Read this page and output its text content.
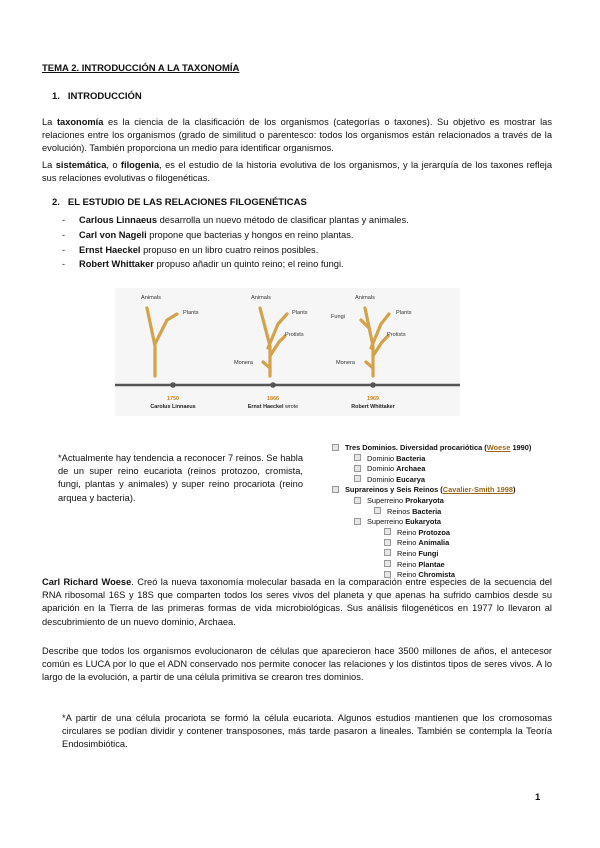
TEMA 2. INTRODUCCIÓN A LA TAXONOMÍA
1. INTRODUCCIÓN
La taxonomía es la ciencia de la clasificación de los organismos (categorías o taxones). Su objetivo es mostrar las relaciones entre los organismos (grado de similitud o parentesco: todos los organismos están relacionados a través de la evolución). También proporciona un medio para identificar organismos.
La sistemática, o filogenia, es el estudio de la historia evolutiva de los organismos, y la jerarquía de los taxones refleja sus relaciones evolutivas o filogenéticas.
2. EL ESTUDIO DE LAS RELACIONES FILOGENÉTICAS
- Carlous Linnaeus desarrolla un nuevo método de clasificar plantas y animales.
- Carl von Nageli propone que bacterias y hongos en reino plantas.
- Ernst Haeckel propuso en un libro cuatro reinos posibles.
- Robert Whittaker propuso añadir un quinto reino; el reino fungi.
Animals
Plants
Animals
Plants
Protists
Monera
Animals
Fungi
Plants
Protists
Monera
1750	1866	1969
Carolus Linnaeus	Ernst Haeckel wrote	Robert Whittaker
*Actualmente hay tendencia a reconocer 7 reinos. Se habla de un super reino eucariota (reinos protozoo, cromista, fungi, plantas y animales) y super reino procariota (reino arquea y bacteria).
Tres Dominios. Diversidad procariótica (Woese 1990)
Dominio Bacteria
Dominio Archaea
Dominio Eucarya
Suprareinos y Seis Reinos (Cavalier-Smith 1998)
Superreino Prokaryota
Reinos Bacteria
Superreino Eukaryota
Reino Protozoa
Reino Animalia
Reino Fungi
Reino Plantae
Reino Chromista
Carl Richard Woese. Creó la nueva taxonomía molecular basada en la comparación entre especies de la secuencia del RNA ribosomal 16S y 18S que comparten todos los seres vivos del planeta y que apenas ha sufrido cambios desde su aparición en la Tierra de las primeras formas de vida microbiológicas. Sus análisis filogenéticos en 1977 lo llevaron al descubrimiento de un nuevo dominio, Archaea.
Describe que todos los organismos evolucionaron de células que aparecieron hace 3500 millones de años, el antecesor común es LUCA por lo que el ADN conservado nos permite conocer las relaciones y los distintos tipos de seres vivos. A lo largo de la evolución, a partir de una célula primitiva se crearon tres dominios.
*A partir de una célula procariota se formó la célula eucariota. Algunos estudios mantienen que los cromosomas circulares se podían dividir y contener transposones, más tarde pasaron a lineales. También se contempla la Teoría Endosimbiótica.
1
